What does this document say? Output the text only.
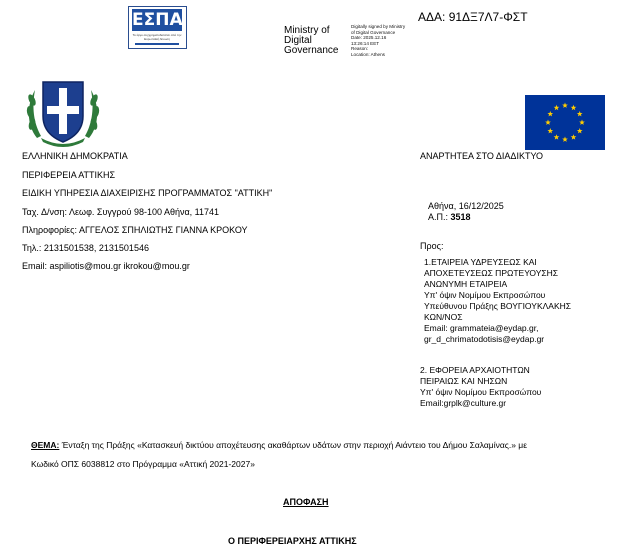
ΕΣΠΑ
Το έργο συγχρηματοδοτείται από την Ευρωπαϊκή Ένωση
Ministry of
Digital
Governance
Digitally signed by Ministry
of Digital Governance
Date: 2025.12.16
13:26:14 EET
Reason:
Location: Athens
ΑΔΑ: 91ΔΞ7Λ7-ΦΣΤ
ΕΛΛΗΝΙΚΗ ΔΗΜΟΚΡΑΤΙΑ
ΠΕΡΙΦΕΡΕΙΑ ΑΤΤΙΚΗΣ
ΕΙΔΙΚΗ ΥΠΗΡΕΣΙΑ ΔΙΑΧΕΙΡΙΣΗΣ ΠΡΟΓΡΑΜΜΑΤΟΣ "ΑΤΤΙΚΗ"
Ταχ. Δ/νση: Λεωφ. Συγγρού 98-100 Αθήνα, 11741
Πληροφορίες: ΑΓΓΕΛΟΣ ΣΠΗΛΙΩΤΗΣ ΓΙΑΝΝΑ ΚΡΟΚΟΥ
Τηλ.: 2131501538, 2131501546
Email: aspiliotis@mou.gr ikrokou@mou.gr
ΑΝΑΡΤΗΤΕΑ ΣΤΟ ΔΙΑΔΙΚΤΥΟ
Αθήνα, 16/12/2025
Α.Π.: 3518
Προς:
1.ΕΤΑΙΡΕΙΑ ΥΔΡΕΥΣΕΩΣ ΚΑΙ
ΑΠΟΧΕΤΕΥΣΕΩΣ ΠΡΩΤΕΥΟΥΣΗΣ
ΑΝΩΝΥΜΗ ΕΤΑΙΡΕΙΑ
Υπ' όψιν Νομίμου Εκπροσώπου
Υπεύθυνου Πράξης ΒΟΥΓΙΟΥΚΛΑΚΗΣ
ΚΩΝ/ΝΟΣ
Email: grammateia@eydap.gr,
gr_d_chrimatodotisis@eydap.gr
2. ΕΦΟΡΕΙΑ ΑΡΧΑΙΟΤΗΤΩΝ
ΠΕΙΡΑΙΩΣ ΚΑΙ ΝΗΣΩΝ
Υπ' όψιν Νομίμου Εκπροσώπου
Email:grplk@culture.gr
ΘΕΜΑ: Ένταξη της Πράξης «Κατασκευή δικτύου αποχέτευσης ακαθάρτων υδάτων στην περιοχή Αιάντειο του Δήμου Σαλαμίνας.» με
Κωδικό ΟΠΣ 6038812 στο Πρόγραμμα «Αττική 2021-2027»
ΑΠΟΦΑΣΗ
Ο ΠΕΡΙΦΕΡΕΙΑΡΧΗΣ ΑΤΤΙΚΗΣ
